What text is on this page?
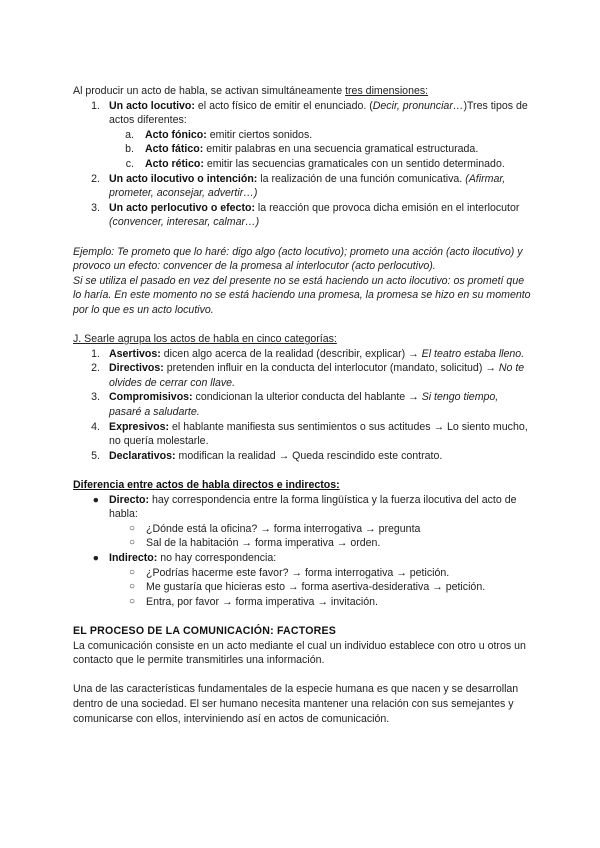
Al producir un acto de habla, se activan simultáneamente tres dimensiones:

1. Un acto locutivo: el acto físico de emitir el enunciado. (Decir, pronunciar…)Tres tipos de actos diferentes:
a.	Acto fónico: emitir ciertos sonidos.
b.	Acto fático: emitir palabras en una secuencia gramatical estructurada.
c.	Acto rético: emitir las secuencias gramaticales con un sentido determinado.
2. Un acto ilocutivo o intención: la realización de una función comunicativa. (Afirmar, prometer, aconsejar, advertir…)
3. Un acto perlocutivo o efecto: la reacción que provoca dicha emisión en el interlocutor (convencer, interesar, calmar…)

Ejemplo: Te prometo que lo haré: digo algo (acto locutivo); prometo una acción (acto ilocutivo) y provoco un efecto: convencer de la promesa al interlocutor (acto perlocutivo).

Si se utiliza el pasado en vez del presente no se está haciendo un acto ilocutivo: os prometí que lo haría. En este momento no se está haciendo una promesa, la promesa se hizo en su momento por lo que es un acto locutivo.

J. Searle agrupa los actos de habla en cinco categorías:

1. Asertivos: dicen algo acerca de la realidad (describir, explicar) → El teatro estaba lleno.
2. Directivos: pretenden influir en la conducta del interlocutor (mandato, solicitud) → No te olvides de cerrar con llave.
3. Compromisivos: condicionan la ulterior conducta del hablante → Si tengo tiempo, pasaré a saludarte.
4. Expresivos: el hablante manifiesta sus sentimientos o sus actitudes → Lo siento mucho, no quería molestarle.
5. Declarativos: modifican la realidad → Queda rescindido este contrato.

Diferencia entre actos de habla directos e indirectos:

● Directo: hay correspondencia entre la forma lingüística y la fuerza ilocutiva del acto de habla:
○	¿Dónde está la oficina? → forma interrogativa → pregunta
○	Sal de la habitación → forma imperativa → orden.
● Indirecto: no hay correspondencia:
○	¿Podrías hacerme este favor? → forma interrogativa → petición.
○	Me gustaría que hicieras esto → forma asertiva-desiderativa → petición.
○	Entra, por favor → forma imperativa → invitación.

EL PROCESO DE LA COMUNICACIÓN: FACTORES

La comunicación consiste en un acto mediante el cual un individuo establece con otro u otros un contacto que le permite transmitirles una información.

Una de las características fundamentales de la especie humana es que nacen y se desarrollan dentro de una sociedad. El ser humano necesita mantener una relación con sus semejantes y comunicarse con ellos, interviniendo así en actos de comunicación.
